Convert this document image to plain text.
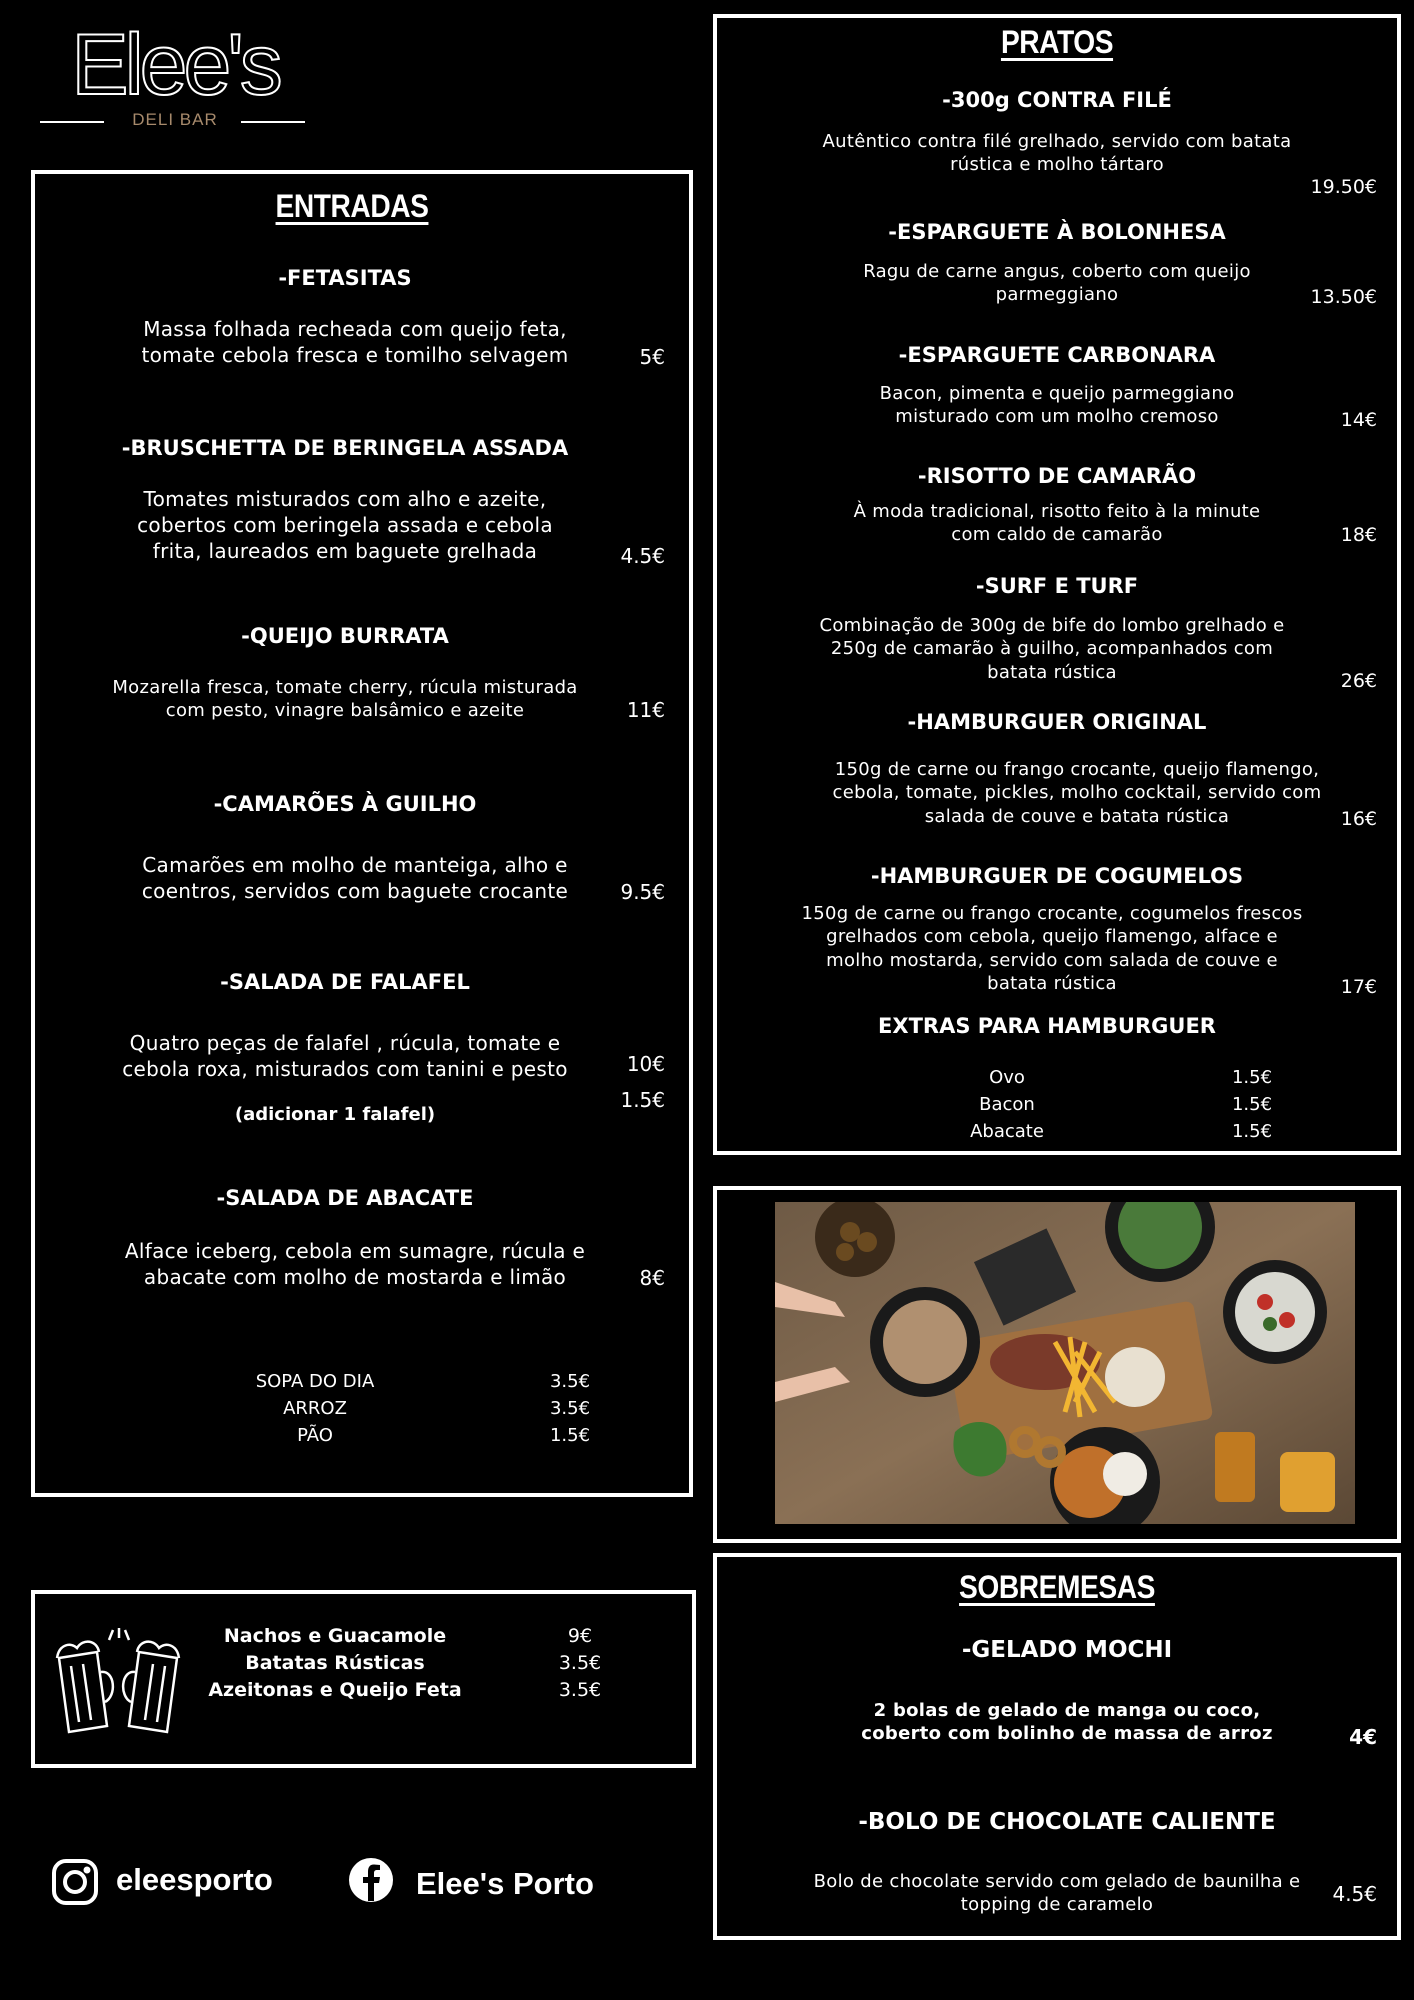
Elee's
DELI BAR
ENTRADAS
-FETASITAS
Massa folhada recheada com queijo feta,
tomate cebola fresca e tomilho selvagem	5€
-BRUSCHETTA DE BERINGELA ASSADA
Tomates misturados com alho e azeite,
cobertos com beringela assada e cebola
frita, laureados em baguete grelhada	4.5€
-QUEIJO BURRATA
Mozarella fresca, tomate cherry, rúcula misturada
com pesto, vinagre balsâmico e azeite	11€
-CAMARÕES À GUILHO
Camarões em molho de manteiga, alho e
coentros, servidos com baguete crocante	9.5€
-SALADA DE FALAFEL
Quatro peças de falafel , rúcula, tomate e
cebola roxa, misturados com tanini e pesto	10€
(adicionar 1 falafel)
1.5€
-SALADA DE ABACATE
Alface iceberg, cebola em sumagre, rúcula e
abacate com molho de mostarda e limão	8€
SOPA DO DIA	3.5€
ARROZ	3.5€
PÃO	1.5€
Nachos e Guacamole	9€
Batatas Rústicas	3.5€
Azeitonas e Queijo Feta	3.5€
eleesporto	Elee's Porto
PRATOS
-300g CONTRA FILÉ
Autêntico contra filé grelhado, servido com batata
rústica e molho tártaro
19.50€
-ESPARGUETE À BOLONHESA
Ragu de carne angus, coberto com queijo
parmeggiano	13.50€
-ESPARGUETE CARBONARA
Bacon, pimenta e queijo parmeggiano
misturado com um molho cremoso	14€
-RISOTTO DE CAMARÃO
À moda tradicional, risotto feito à la minute
com caldo de camarão	18€
-SURF E TURF
Combinação de 300g de bife do lombo grelhado e
250g de camarão à guilho, acompanhados com
batata rústica	26€
-HAMBURGUER ORIGINAL
150g de carne ou frango crocante, queijo flamengo,
cebola, tomate, pickles, molho cocktail, servido com
salada de couve e batata rústica	16€
-HAMBURGUER DE COGUMELOS
150g de carne ou frango crocante, cogumelos frescos
grelhados com cebola, queijo flamengo, alface e
molho mostarda, servido com salada de couve e
batata rústica	17€
EXTRAS PARA HAMBURGUER
Ovo	1.5€
Bacon	1.5€
Abacate	1.5€
SOBREMESAS
-GELADO MOCHI
2 bolas de gelado de manga ou coco,
coberto com bolinho de massa de arroz	4€
-BOLO DE CHOCOLATE CALIENTE
Bolo de chocolate servido com gelado de baunilha e
topping de caramelo	4.5€
